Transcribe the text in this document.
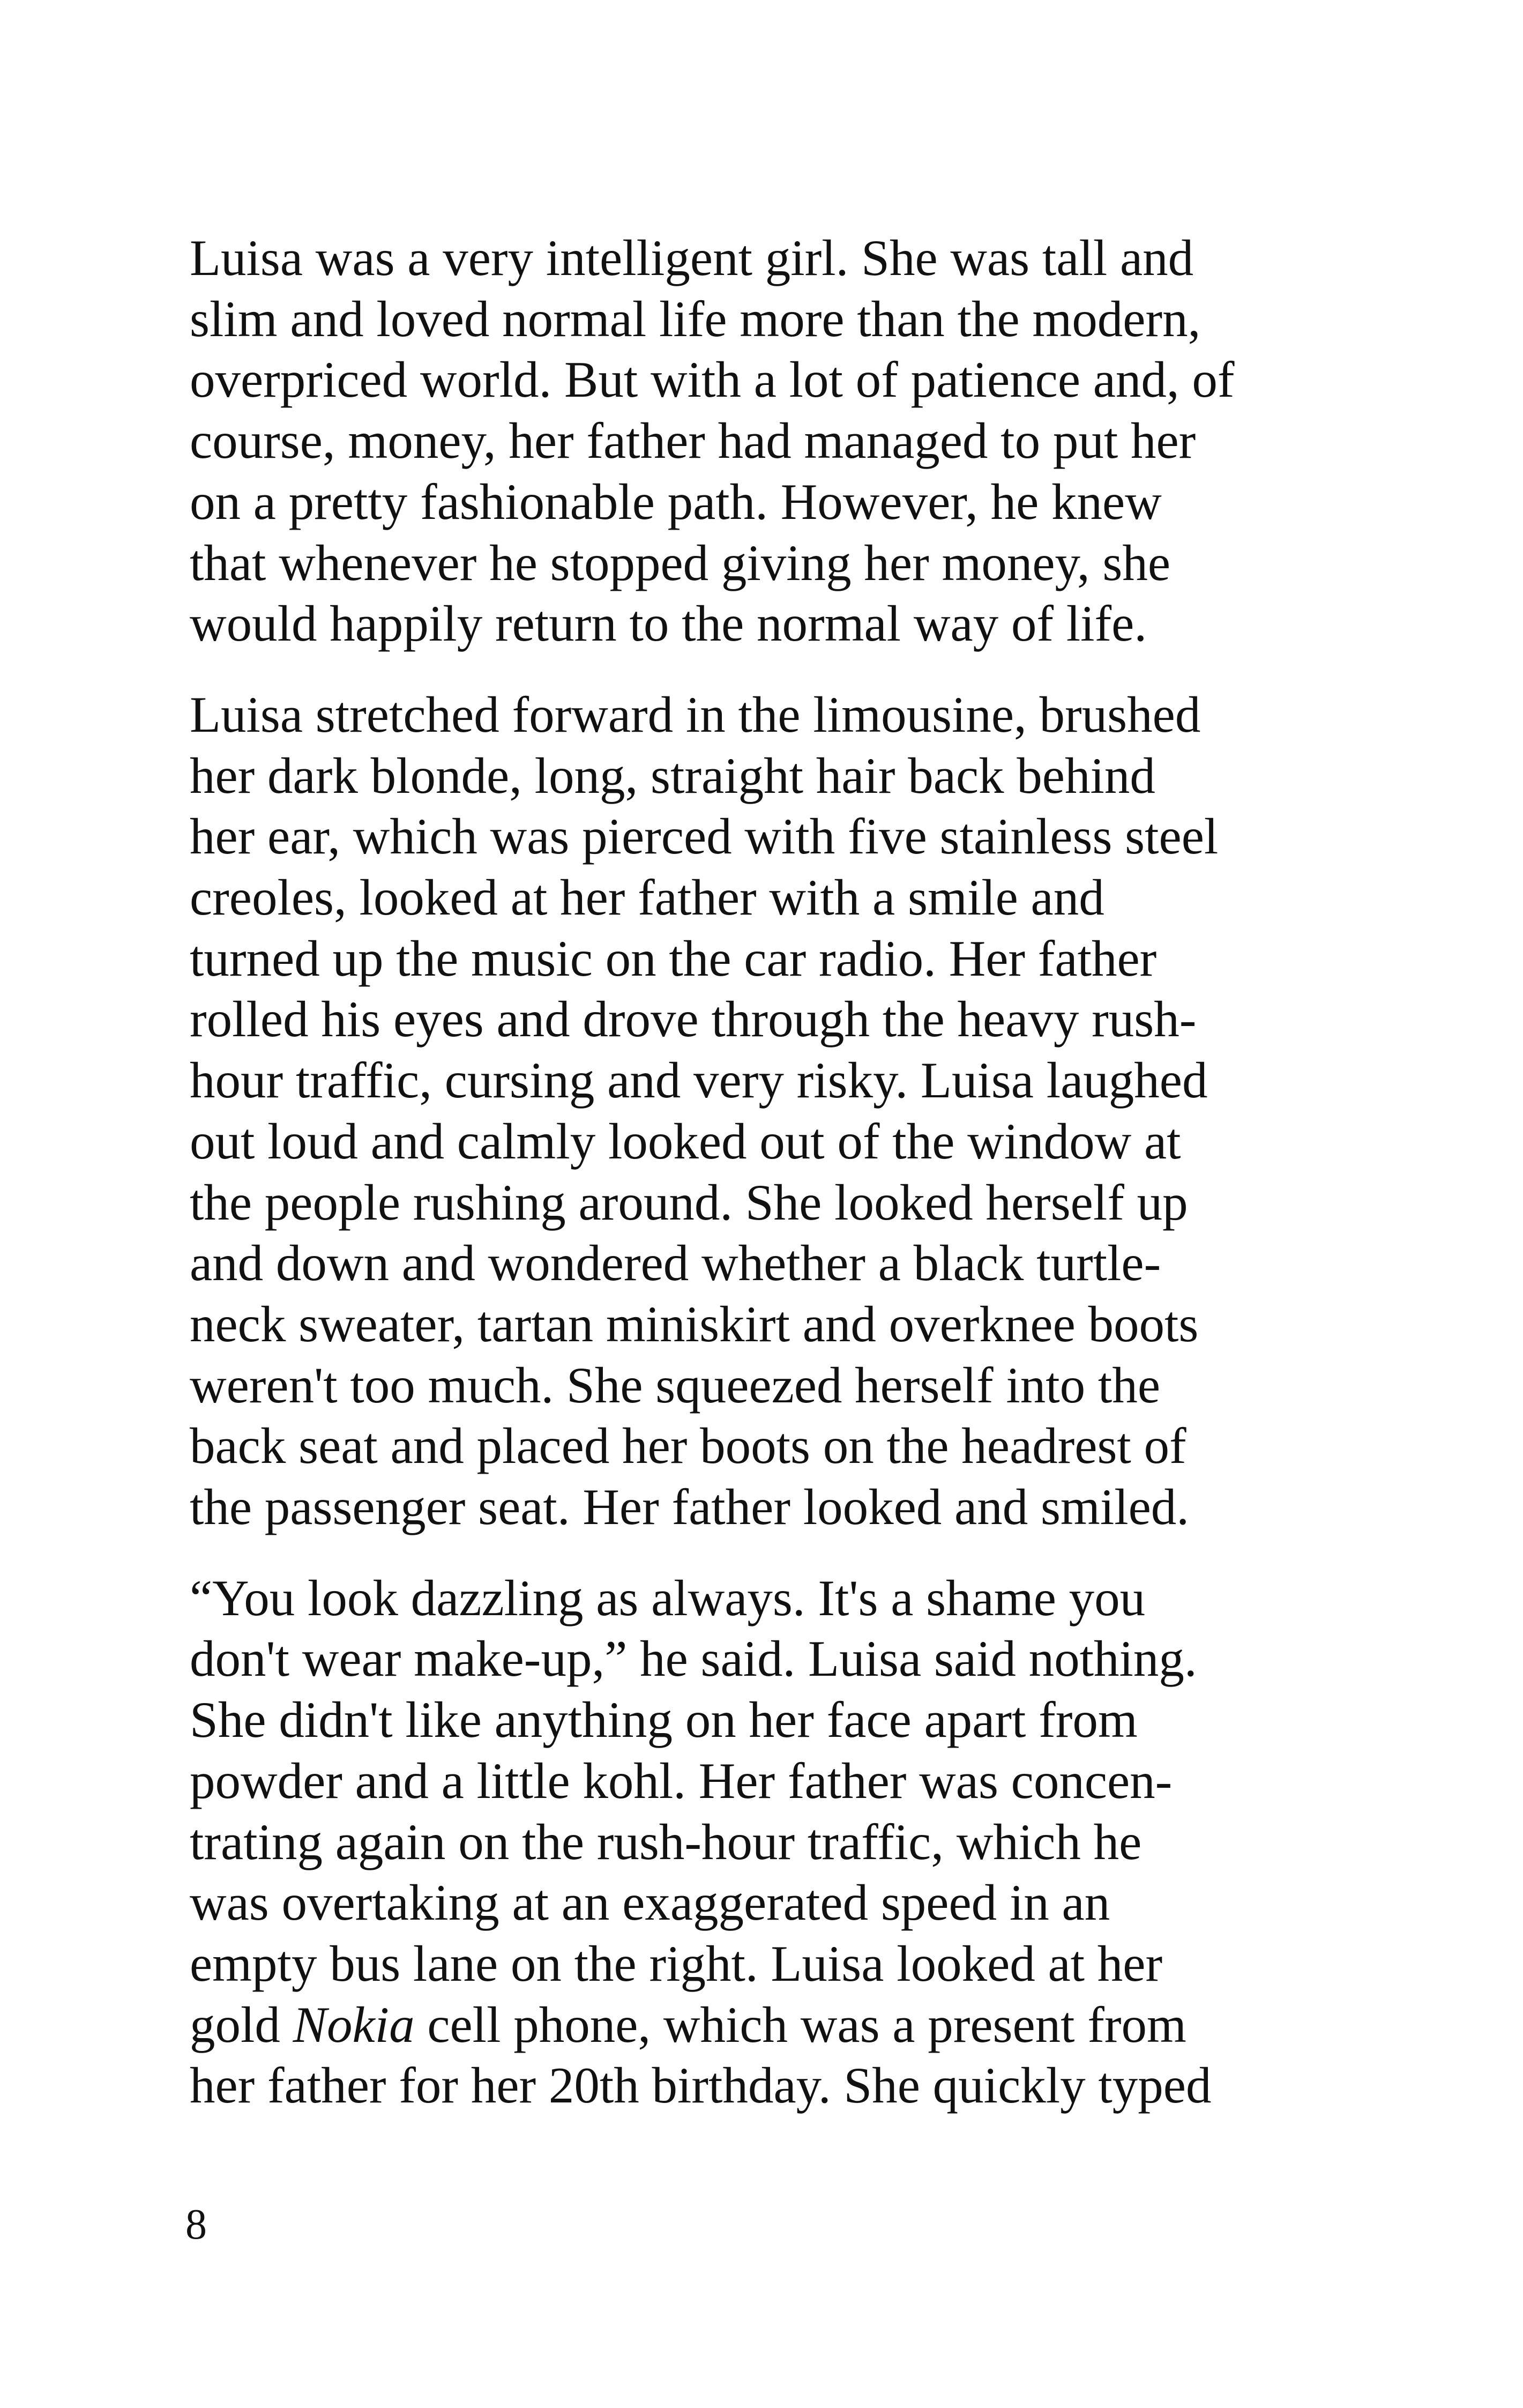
Luisa was a very intelligent girl. She was tall and
slim and loved normal life more than the modern,
overpriced world. But with a lot of patience and, of
course, money, her father had managed to put her
on a pretty fashionable path. However, he knew
that whenever he stopped giving her money, she
would happily return to the normal way of life.

Luisa stretched forward in the limousine, brushed
her dark blonde, long, straight hair back behind
her ear, which was pierced with five stainless steel
creoles, looked at her father with a smile and
turned up the music on the car radio. Her father
rolled his eyes and drove through the heavy rush-
hour traffic, cursing and very risky. Luisa laughed
out loud and calmly looked out of the window at
the people rushing around. She looked herself up
and down and wondered whether a black turtle-
neck sweater, tartan miniskirt and overknee boots
weren't too much. She squeezed herself into the
back seat and placed her boots on the headrest of
the passenger seat. Her father looked and smiled.

“You look dazzling as always. It's a shame you
don't wear make-up,” he said. Luisa said nothing.
She didn't like anything on her face apart from
powder and a little kohl. Her father was concen-
trating again on the rush-hour traffic, which he
was overtaking at an exaggerated speed in an
empty bus lane on the right. Luisa looked at her
gold Nokia cell phone, which was a present from
her father for her 20th birthday. She quickly typed

8
